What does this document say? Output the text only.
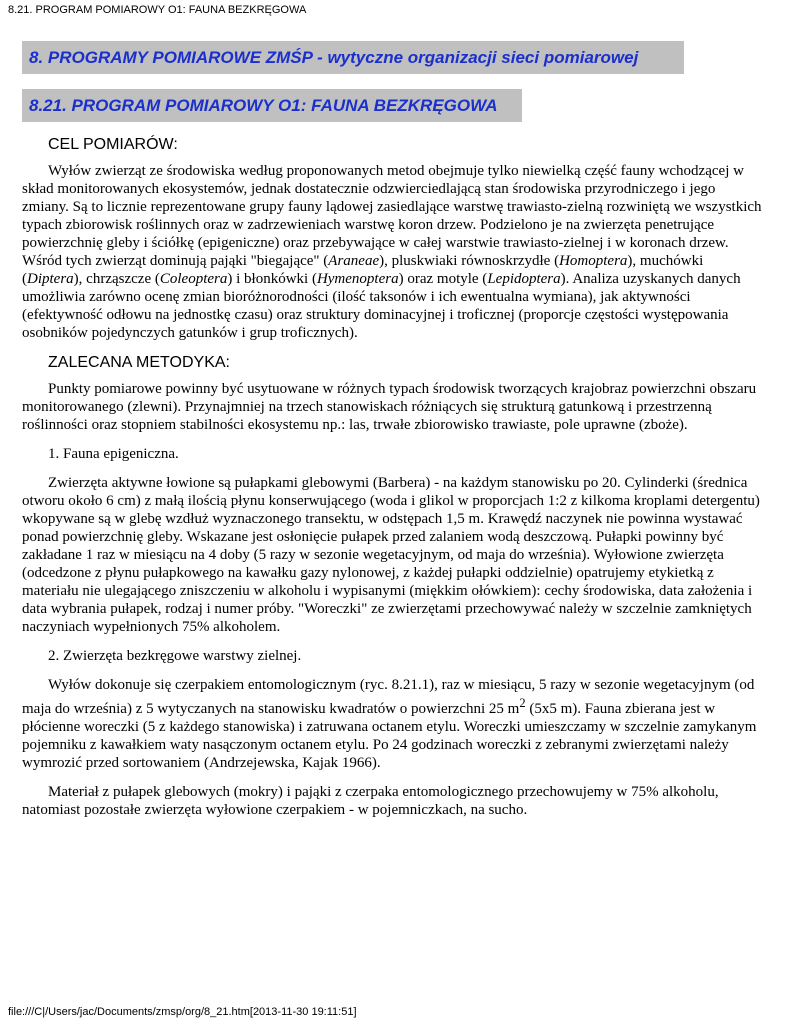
8.21. PROGRAM POMIAROWY O1: FAUNA BEZKRĘGOWA
8. PROGRAMY POMIAROWE ZMŚP - wytyczne organizacji sieci pomiarowej
8.21. PROGRAM POMIAROWY O1: FAUNA BEZKRĘGOWA
CEL POMIARÓW:

Wyłów zwierząt ze środowiska według proponowanych metod obejmuje tylko niewielką część fauny wchodzącej w skład monitorowanych ekosystemów, jednak dostatecznie odzwierciedlającą stan środowiska przyrodniczego i jego zmiany. Są to licznie reprezentowane grupy fauny lądowej zasiedlające warstwę trawiasto-zielną rozwiniętą we wszystkich typach zbiorowisk roślinnych oraz w zadrzewieniach warstwę koron drzew. Podzielono je na zwierzęta penetrujące powierzchnię gleby i ściółkę (epigeniczne) oraz przebywające w całej warstwie trawiasto-zielnej i w koronach drzew. Wśród tych zwierząt dominują pająki "biegające" (Araneae), pluskwiaki równoskrzydłe (Homoptera), muchówki (Diptera), chrząszcze (Coleoptera) i błonkówki (Hymenoptera) oraz motyle (Lepidoptera). Analiza uzyskanych danych umożliwia zarówno ocenę zmian bioróżnorodności (ilość taksonów i ich ewentualna wymiana), jak aktywności (efektywność odłowu na jednostkę czasu) oraz struktury dominacyjnej i troficznej (proporcje częstości występowania osobników pojedynczych gatunków i grup troficznych).

ZALECANA METODYKA:

Punkty pomiarowe powinny być usytuowane w różnych typach środowisk tworzących krajobraz powierzchni obszaru monitorowanego (zlewni). Przynajmniej na trzech stanowiskach różniących się strukturą gatunkową i przestrzenną roślinności oraz stopniem stabilności ekosystemu np.: las, trwałe zbiorowisko trawiaste, pole uprawne (zboże).

1. Fauna epigeniczna.

Zwierzęta aktywne łowione są pułapkami glebowymi (Barbera) - na każdym stanowisku po 20. Cylinderki (średnica otworu około 6 cm) z małą ilością płynu konserwującego (woda i glikol w proporcjach 1:2 z kilkoma kroplami detergentu) wkopywane są w glebę wzdłuż wyznaczonego transektu, w odstępach 1,5 m. Krawędź naczynek nie powinna wystawać ponad powierzchnię gleby. Wskazane jest osłonięcie pułapek przed zalaniem wodą deszczową. Pułapki powinny być zakładane 1 raz w miesiącu na 4 doby (5 razy w sezonie wegetacyjnym, od maja do września). Wyłowione zwierzęta (odcedzone z płynu pułapkowego na kawałku gazy nylonowej, z każdej pułapki oddzielnie) opatrujemy etykietką z materiału nie ulegającego zniszczeniu w alkoholu i wypisanymi (miękkim ołówkiem): cechy środowiska, data założenia i data wybrania pułapek, rodzaj i numer próby. "Woreczki" ze zwierzętami przechowywać należy w szczelnie zamkniętych naczyniach wypełnionych 75% alkoholem.

2. Zwierzęta bezkręgowe warstwy zielnej.

Wyłów dokonuje się czerpakiem entomologicznym (ryc. 8.21.1), raz w miesiącu, 5 razy w sezonie wegetacyjnym (od maja do września) z 5 wytyczanych na stanowisku kwadratów o powierzchni 25 $m^2$ (5x5 m). Fauna zbierana jest w płócienne woreczki (5 z każdego stanowiska) i zatruwana octanem etylu. Woreczki umieszczamy w szczelnie zamykanym pojemniku z kawałkiem waty nasączonym octanem etylu. Po 24 godzinach woreczki z zebranymi zwierzętami należy wymrozić przed sortowaniem (Andrzejewska, Kajak 1966).

Materiał z pułapek glebowych (mokry) i pająki z czerpaka entomologicznego przechowujemy w 75% alkoholu, natomiast pozostałe zwierzęta wyłowione czerpakiem - w pojemniczkach, na sucho.

file:///C|/Users/jac/Documents/zmsp/org/8_21.htm[2013-11-30 19:11:51]
